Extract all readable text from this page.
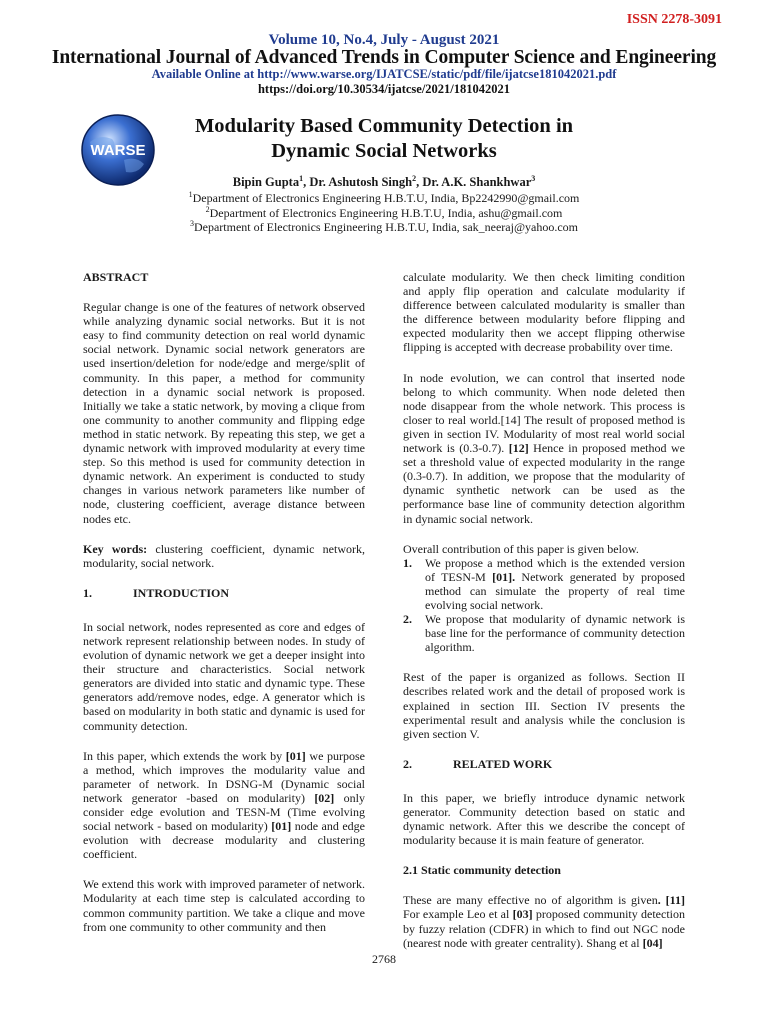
ISSN 2278-3091
Volume 10, No.4, July - August 2021
International Journal of Advanced Trends in Computer Science and Engineering
Available Online at http://www.warse.org/IJATCSE/static/pdf/file/ijatcse181042021.pdf
https://doi.org/10.30534/ijatcse/2021/181042021
WARSE
Modularity Based Community Detection in
Dynamic Social Networks
Bipin Gupta$^1$, Dr. Ashutosh Singh$^2$, Dr. A.K. Shankhwar$^3$
$^1$Department of Electronics Engineering H.B.T.U, India, Bp2242990@gmail.com
$^2$Department of Electronics Engineering H.B.T.U, India, ashu@gmail.com
$^3$Department of Electronics Engineering H.B.T.U, India, sak_neeraj@yahoo.com
ABSTRACT

Regular change is one of the features of network observed while analyzing dynamic social networks. But it is not easy to find community detection on real world dynamic social network. Dynamic social network generators are used insertion/deletion for node/edge and merge/split of community. In this paper, a method for community detection in a dynamic social network is proposed. Initially we take a static network, by moving a clique from one community to another community and flipping edge method in static network. By repeating this step, we get a dynamic network with improved modularity at every time step. So this method is used for community detection in dynamic network. An experiment is conducted to study changes in various network parameters like number of node, clustering coefficient, average distance between nodes etc.

Key words: clustering coefficient, dynamic network, modularity, social network.

1.	INTRODUCTION

In social network, nodes represented as core and edges of network represent relationship between nodes. In study of evolution of dynamic network we get a deeper insight into their structure and characteristics. Social network generators are divided into static and dynamic type. These generators add/remove nodes, edge. A generator which is based on modularity in both static and dynamic is used for community detection.

In this paper, which extends the work by [01] we purpose a method, which improves the modularity value and parameter of network. In DSNG-M (Dynamic social network generator -based on modularity) [02] only consider edge evolution and TESN-M (Time evolving social network - based on modularity) [01] node and edge evolution with decrease modularity and clustering coefficient.

We extend this work with improved parameter of network. Modularity at each time step is calculated according to common community partition. We take a clique and move from one community to other community and then

calculate modularity. We then check limiting condition and apply flip operation and calculate modularity if difference between calculated modularity is smaller than the difference between modularity before flipping and expected modularity then we accept flipping otherwise flipping is accepted with decrease probability over time.

In node evolution, we can control that inserted node belong to which community. When node deleted then node disappear from the whole network. This process is closer to real world.[14] The result of proposed method is given in section IV. Modularity of most real world social network is (0.3-0.7). [12] Hence in proposed method we set a threshold value of expected modularity in the range (0.3-0.7). In addition, we propose that the modularity of dynamic synthetic network can be used as the performance base line of community detection algorithm in dynamic social network.

Overall contribution of this paper is given below.
1.	We propose a method which is the extended version of TESN-M [01]. Network generated by proposed method can simulate the property of real time evolving social network.
2.	We propose that modularity of dynamic network is base line for the performance of community detection algorithm.

Rest of the paper is organized as follows. Section II describes related work and the detail of proposed work is explained in section III. Section IV presents the experimental result and analysis while the conclusion is given section V.

2.	RELATED WORK

In this paper, we briefly introduce dynamic network generator. Community detection based on static and dynamic network. After this we describe the concept of modularity because it is main feature of generator.

2.1 Static community detection

These are many effective no of algorithm is given. [11] For example Leo et al [03] proposed community detection by fuzzy relation (CDFR) in which to find out NGC node (nearest node with greater centrality). Shang et al [04]

2768
